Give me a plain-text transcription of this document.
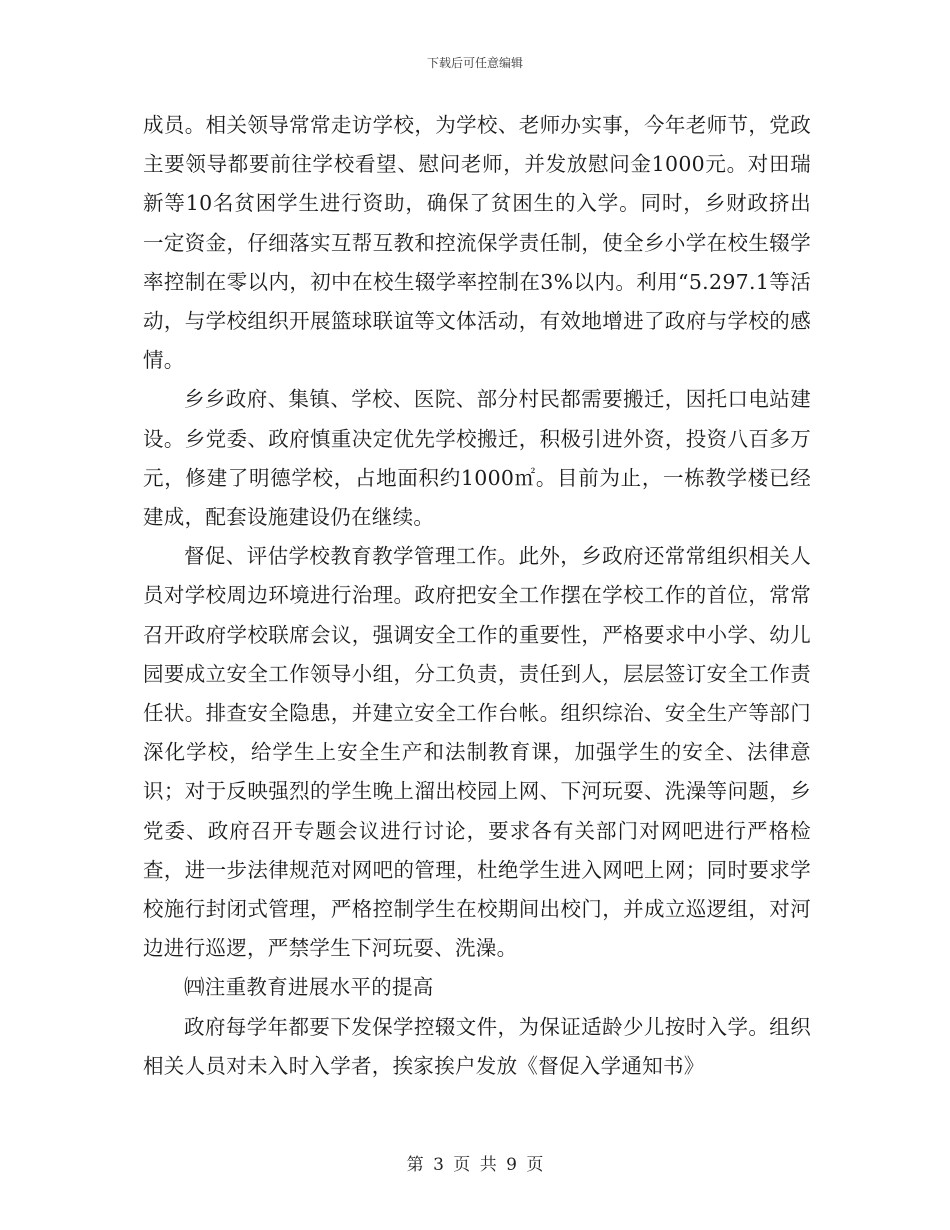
下载后可任意编辑

成员。相关领导常常走访学校，为学校、老师办实事，今年老师节，党政主要领导都要前往学校看望、慰问老师，并发放慰问金1000元。对田瑞新等10名贫困学生进行资助，确保了贫困生的入学。同时，乡财政挤出一定资金，仔细落实互帮互教和控流保学责任制，使全乡小学在校生辍学率控制在零以内，初中在校生辍学率控制在3%以内。利用“5.297.1等活动，与学校组织开展篮球联谊等文体活动，有效地增进了政府与学校的感情。

乡乡政府、集镇、学校、医院、部分村民都需要搬迁，因托口电站建设。乡党委、政府慎重决定优先学校搬迁，积极引进外资，投资八百多万元，修建了明德学校，占地面积约1000㎡。目前为止，一栋教学楼已经建成，配套设施建设仍在继续。

督促、评估学校教育教学管理工作。此外，乡政府还常常组织相关人员对学校周边环境进行治理。政府把安全工作摆在学校工作的首位，常常召开政府学校联席会议，强调安全工作的重要性，严格要求中小学、幼儿园要成立安全工作领导小组，分工负责，责任到人，层层签订安全工作责任状。排查安全隐患，并建立安全工作台帐。组织综治、安全生产等部门深化学校，给学生上安全生产和法制教育课，加强学生的安全、法律意识；对于反映强烈的学生晚上溜出校园上网、下河玩耍、洗澡等问题，乡党委、政府召开专题会议进行讨论，要求各有关部门对网吧进行严格检查，进一步法律规范对网吧的管理，杜绝学生进入网吧上网；同时要求学校施行封闭式管理，严格控制学生在校期间出校门，并成立巡逻组，对河边进行巡逻，严禁学生下河玩耍、洗澡。

㈣注重教育进展水平的提高

政府每学年都要下发保学控辍文件，为保证适龄少儿按时入学。组织相关人员对未入时入学者，挨家挨户发放《督促入学通知书》

第 3 页 共 9 页
